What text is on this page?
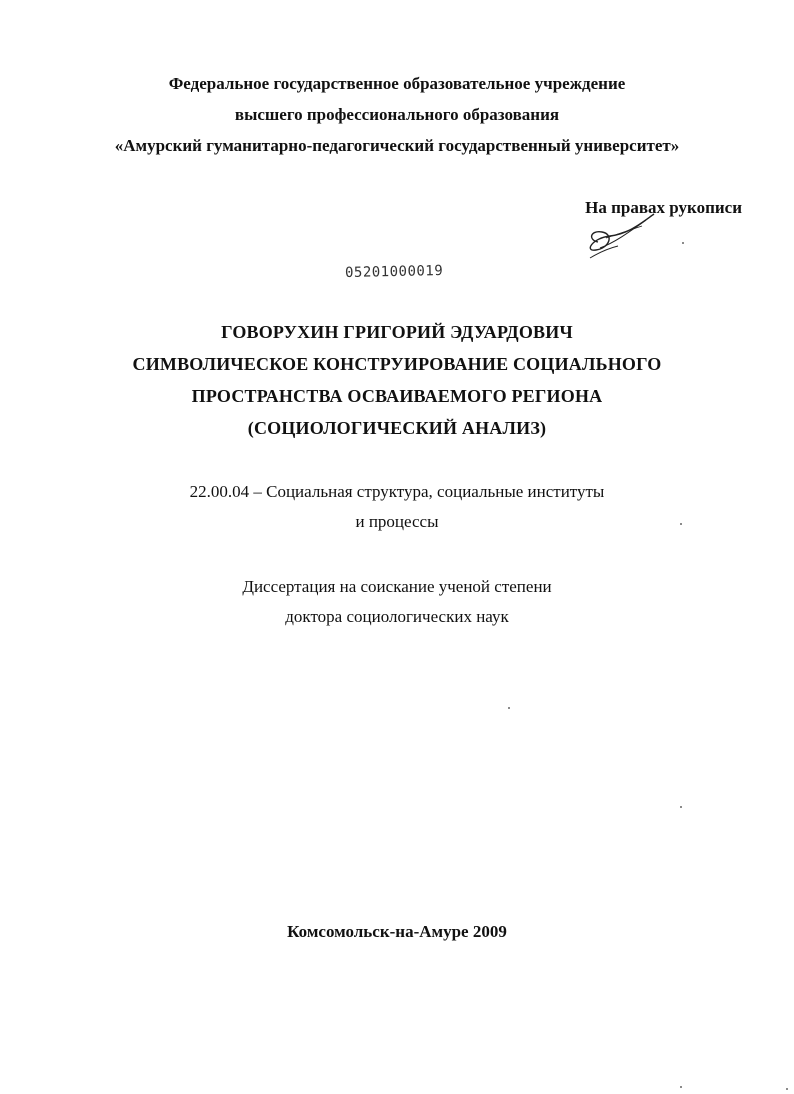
Федеральное государственное образовательное учреждение
высшего профессионального образования
«Амурский гуманитарно-педагогический государственный университет»
На правах рукописи
05201000019
ГОВОРУХИН ГРИГОРИЙ ЭДУАРДОВИЧ
СИМВОЛИЧЕСКОЕ КОНСТРУИРОВАНИЕ СОЦИАЛЬНОГО
ПРОСТРАНСТВА ОСВАИВАЕМОГО РЕГИОНА
(СОЦИОЛОГИЧЕСКИЙ АНАЛИЗ)
22.00.04 – Социальная структура, социальные институты
и процессы
Диссертация на соискание ученой степени
доктора социологических наук
Комсомольск-на-Амуре 2009
